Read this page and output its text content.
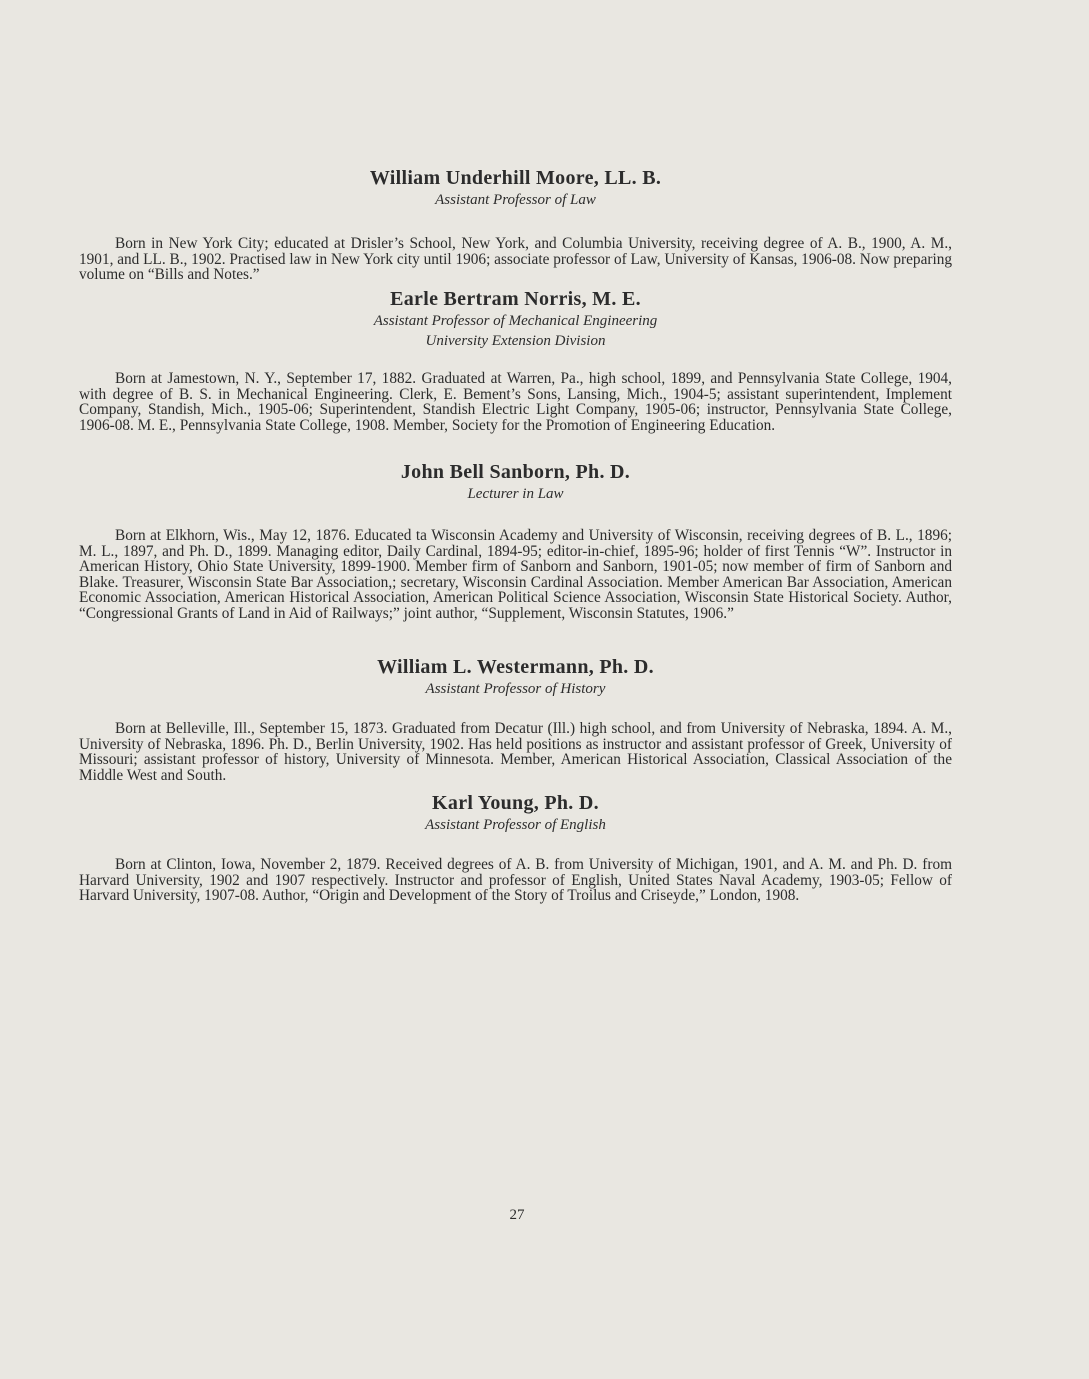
William Underhill Moore, LL. B.

Assistant Professor of Law

Born in New York City; educated at Drisler’s School, New York, and Columbia University, receiving degree of A. B., 1900, A. M., 1901, and LL. B., 1902. Practised law in New York city until 1906; associate professor of Law, University of Kansas, 1906-08. Now preparing volume on “Bills and Notes.”

Earle Bertram Norris, M. E.

Assistant Professor of Mechanical Engineering

University Extension Division

Born at Jamestown, N. Y., September 17, 1882. Graduated at Warren, Pa., high school, 1899, and Pennsylvania State College, 1904, with degree of B. S. in Mechanical Engineering. Clerk, E. Bement’s Sons, Lansing, Mich., 1904-5; assistant superintendent, Implement Company, Standish, Mich., 1905-06; Superintendent, Standish Electric Light Company, 1905-06; instructor, Pennsylvania State College, 1906-08. M. E., Pennsylvania State College, 1908. Member, Society for the Promotion of Engineering Education.

John Bell Sanborn, Ph. D.

Lecturer in Law

Born at Elkhorn, Wis., May 12, 1876. Educated ta Wisconsin Academy and University of Wisconsin, receiving degrees of B. L., 1896; M. L., 1897, and Ph. D., 1899. Managing editor, Daily Cardinal, 1894-95; editor-in-chief, 1895-96; holder of first Tennis “W”. Instructor in American History, Ohio State University, 1899-1900. Member firm of Sanborn and Sanborn, 1901-05; now member of firm of Sanborn and Blake. Treasurer, Wisconsin State Bar Association,; secretary, Wisconsin Cardinal Association. Member American Bar Association, American Economic Association, American Historical Association, American Political Science Association, Wisconsin State Historical Society. Author, “Congressional Grants of Land in Aid of Railways;” joint author, “Supplement, Wisconsin Statutes, 1906.”

William L. Westermann, Ph. D.

Assistant Professor of History

Born at Belleville, Ill., September 15, 1873. Graduated from Decatur (Ill.) high school, and from University of Nebraska, 1894. A. M., University of Nebraska, 1896. Ph. D., Berlin University, 1902. Has held positions as instructor and assistant professor of Greek, University of Missouri; assistant professor of history, University of Minnesota. Member, American Historical Association, Classical Association of the Middle West and South.

Karl Young, Ph. D.

Assistant Professor of English

Born at Clinton, Iowa, November 2, 1879. Received degrees of A. B. from University of Michigan, 1901, and A. M. and Ph. D. from Harvard University, 1902 and 1907 respectively. Instructor and professor of English, United States Naval Academy, 1903-05; Fellow of Harvard University, 1907-08. Author, “Origin and Development of the Story of Troilus and Criseyde,” London, 1908.

27
